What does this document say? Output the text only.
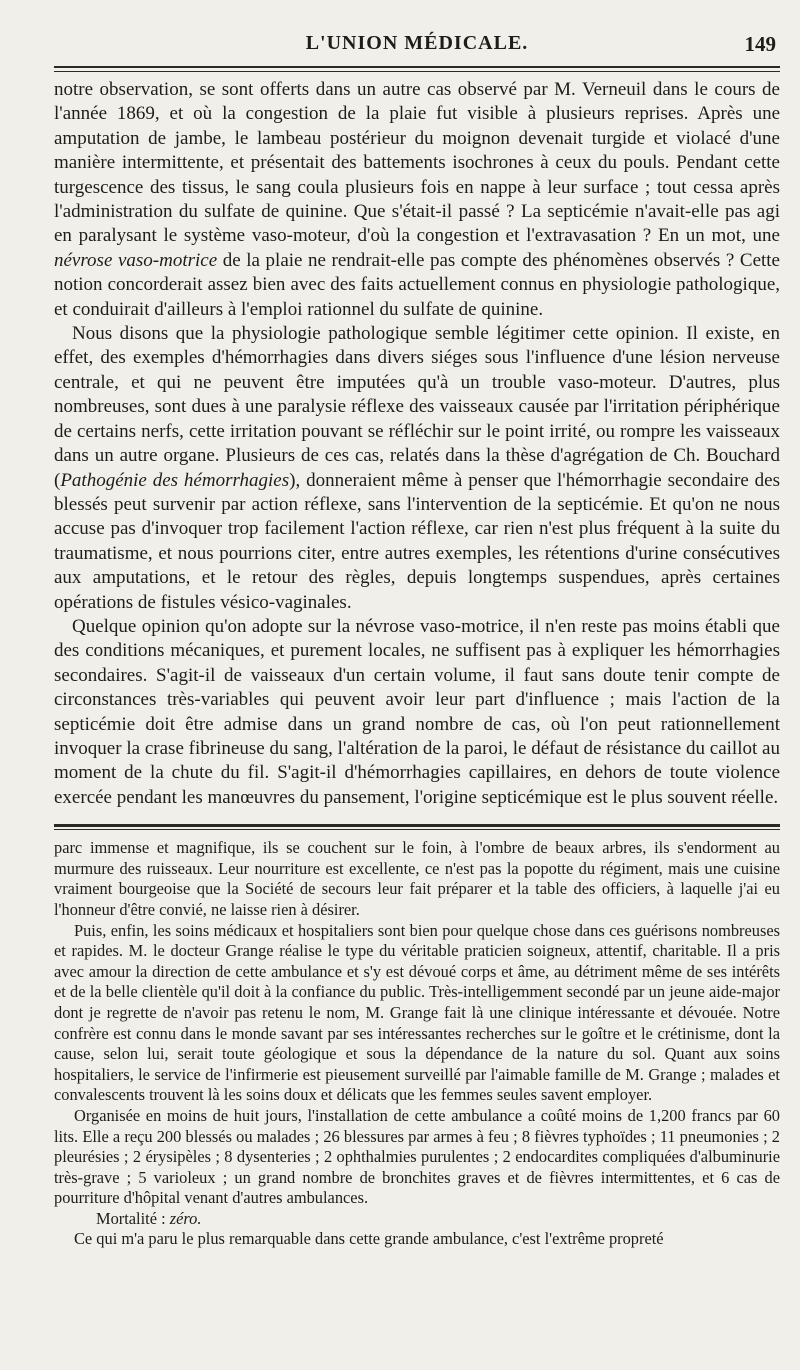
L'UNION MÉDICALE.	149

notre observation, se sont offerts dans un autre cas observé par M. Verneuil dans le cours de l'année 1869, et où la congestion de la plaie fut visible à plusieurs reprises. Après une amputation de jambe, le lambeau postérieur du moignon devenait turgide et violacé d'une manière intermittente, et présentait des battements isochrones à ceux du pouls. Pendant cette turgescence des tissus, le sang coula plusieurs fois en nappe à leur surface ; tout cessa après l'administration du sulfate de quinine. Que s'était-il passé ? La septicémie n'avait-elle pas agi en paralysant le système vaso-moteur, d'où la congestion et l'extravasation ? En un mot, une névrose vaso-motrice de la plaie ne rendrait-elle pas compte des phénomènes observés ? Cette notion concorderait assez bien avec des faits actuellement connus en physiologie pathologique, et conduirait d'ailleurs à l'emploi rationnel du sulfate de quinine.

Nous disons que la physiologie pathologique semble légitimer cette opinion. Il existe, en effet, des exemples d'hémorrhagies dans divers siéges sous l'influence d'une lésion nerveuse centrale, et qui ne peuvent être imputées qu'à un trouble vaso-moteur. D'autres, plus nombreuses, sont dues à une paralysie réflexe des vaisseaux causée par l'irritation périphérique de certains nerfs, cette irritation pouvant se réfléchir sur le point irrité, ou rompre les vaisseaux dans un autre organe. Plusieurs de ces cas, relatés dans la thèse d'agrégation de Ch. Bouchard (Pathogénie des hémorrhagies), donneraient même à penser que l'hémorrhagie secondaire des blessés peut survenir par action réflexe, sans l'intervention de la septicémie. Et qu'on ne nous accuse pas d'invoquer trop facilement l'action réflexe, car rien n'est plus fréquent à la suite du traumatisme, et nous pourrions citer, entre autres exemples, les rétentions d'urine consécutives aux amputations, et le retour des règles, depuis longtemps suspendues, après certaines opérations de fistules vésico-vaginales.

Quelque opinion qu'on adopte sur la névrose vaso-motrice, il n'en reste pas moins établi que des conditions mécaniques, et purement locales, ne suffisent pas à expliquer les hémorrhagies secondaires. S'agit-il de vaisseaux d'un certain volume, il faut sans doute tenir compte de circonstances très-variables qui peuvent avoir leur part d'influence ; mais l'action de la septicémie doit être admise dans un grand nombre de cas, où l'on peut rationnellement invoquer la crase fibrineuse du sang, l'altération de la paroi, le défaut de résistance du caillot au moment de la chute du fil. S'agit-il d'hémorrhagies capillaires, en dehors de toute violence exercée pendant les manœuvres du pansement, l'origine septicémique est le plus souvent réelle.

parc immense et magnifique, ils se couchent sur le foin, à l'ombre de beaux arbres, ils s'endorment au murmure des ruisseaux. Leur nourriture est excellente, ce n'est pas la popotte du régiment, mais une cuisine vraiment bourgeoise que la Société de secours leur fait préparer et la table des officiers, à laquelle j'ai eu l'honneur d'être convié, ne laisse rien à désirer.

Puis, enfin, les soins médicaux et hospitaliers sont bien pour quelque chose dans ces guérisons nombreuses et rapides. M. le docteur Grange réalise le type du véritable praticien soigneux, attentif, charitable. Il a pris avec amour la direction de cette ambulance et s'y est dévoué corps et âme, au détriment même de ses intérêts et de la belle clientèle qu'il doit à la confiance du public. Très-intelligemment secondé par un jeune aide-major dont je regrette de n'avoir pas retenu le nom, M. Grange fait là une clinique intéressante et dévouée. Notre confrère est connu dans le monde savant par ses intéressantes recherches sur le goître et le crétinisme, dont la cause, selon lui, serait toute géologique et sous la dépendance de la nature du sol. Quant aux soins hospitaliers, le service de l'infirmerie est pieusement surveillé par l'aimable famille de M. Grange ; malades et convalescents trouvent là les soins doux et délicats que les femmes seules savent employer.

Organisée en moins de huit jours, l'installation de cette ambulance a coûté moins de 1,200 francs par 60 lits. Elle a reçu 200 blessés ou malades ; 26 blessures par armes à feu ; 8 fièvres typhoïdes ; 11 pneumonies ; 2 pleurésies ; 2 érysipèles ; 8 dysenteries ; 2 ophthalmies purulentes ; 2 endocardites compliquées d'albuminurie très-grave ; 5 varioleux ; un grand nombre de bronchites graves et de fièvres intermittentes, et 6 cas de pourriture d'hôpital venant d'autres ambulances.

Mortalité : zéro.

Ce qui m'a paru le plus remarquable dans cette grande ambulance, c'est l'extrême propreté
